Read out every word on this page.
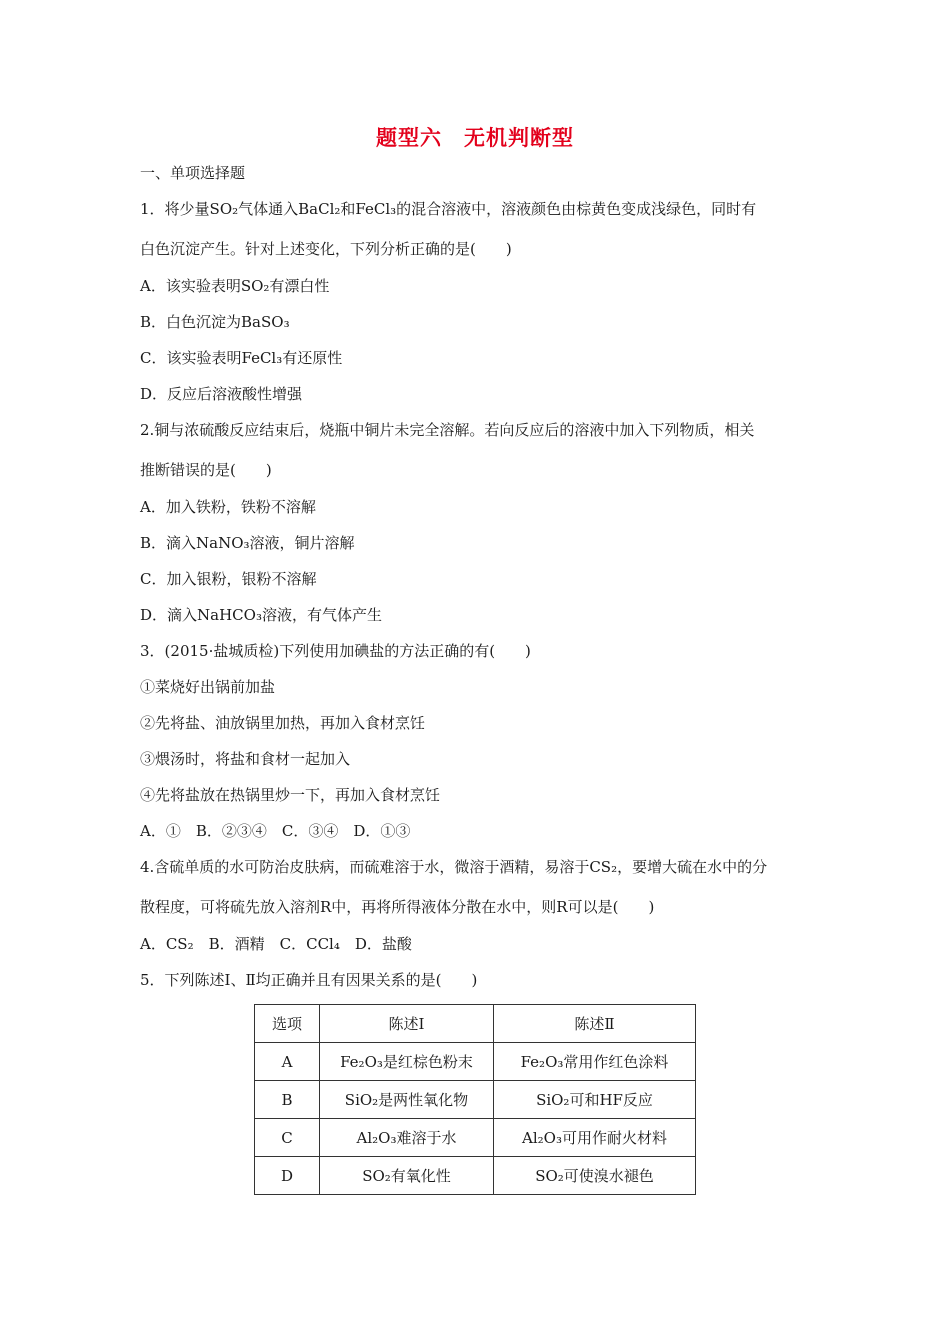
题型六　无机判断型
一、单项选择题
1．将少量SO₂气体通入BaCl₂和FeCl₃的混合溶液中，溶液颜色由棕黄色变成浅绿色，同时有
白色沉淀产生。针对上述变化，下列分析正确的是(　　)
A．该实验表明SO₂有漂白性
B．白色沉淀为BaSO₃
C．该实验表明FeCl₃有还原性
D．反应后溶液酸性增强
2.铜与浓硫酸反应结束后，烧瓶中铜片未完全溶解。若向反应后的溶液中加入下列物质，相关
推断错误的是(　　)
A．加入铁粉，铁粉不溶解
B．滴入NaNO₃溶液，铜片溶解
C．加入银粉，银粉不溶解
D．滴入NaHCO₃溶液，有气体产生
3．(2015·盐城质检)下列使用加碘盐的方法正确的有(　　)
①菜烧好出锅前加盐
②先将盐、油放锅里加热，再加入食材烹饪
③煨汤时，将盐和食材一起加入
④先将盐放在热锅里炒一下，再加入食材烹饪
A．①　B．②③④　C．③④　D．①③
4.含硫单质的水可防治皮肤病，而硫难溶于水，微溶于酒精，易溶于CS₂，要增大硫在水中的分
散程度，可将硫先放入溶剂R中，再将所得液体分散在水中，则R可以是(　　)
A．CS₂　B．酒精　C．CCl₄　D．盐酸
5．下列陈述Ⅰ、Ⅱ均正确并且有因果关系的是(　　)
选项	陈述Ⅰ	陈述Ⅱ
A	Fe₂O₃是红棕色粉末	Fe₂O₃常用作红色涂料
B	SiO₂是两性氧化物	SiO₂可和HF反应
C	Al₂O₃难溶于水	Al₂O₃可用作耐火材料
D	SO₂有氧化性	SO₂可使溴水褪色
